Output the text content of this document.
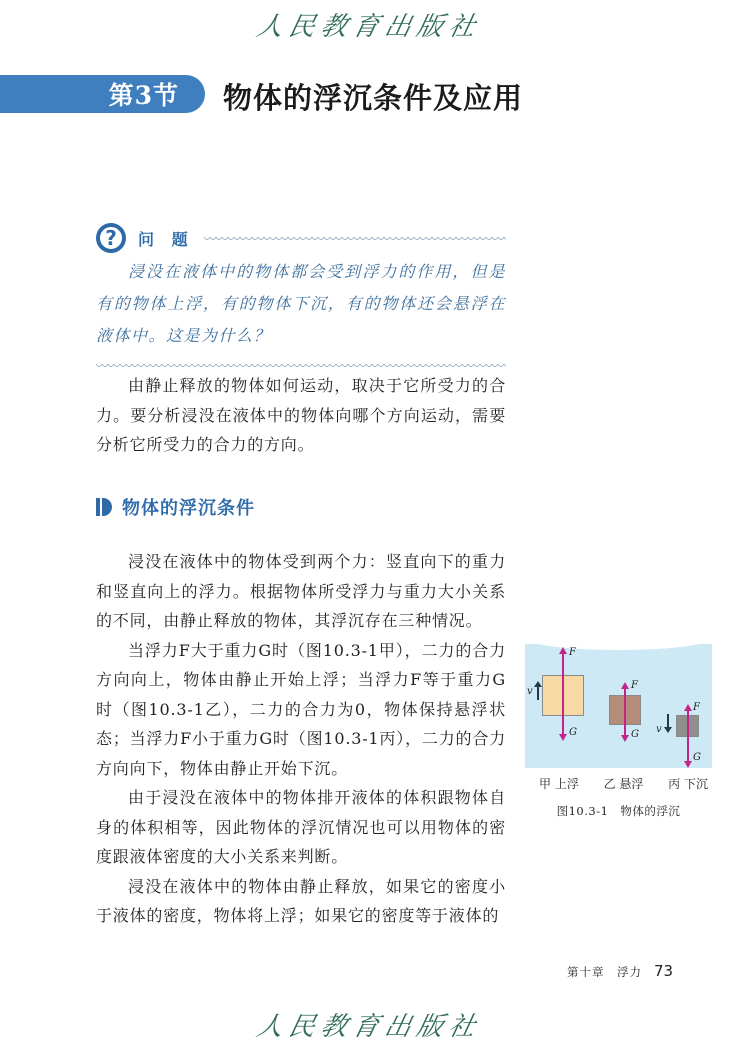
人民教育出版社
第3节 物体的浮沉条件及应用
?	问 题
浸没在液体中的物体都会受到浮力的作用，但是有的物体上浮，有的物体下沉，有的物体还会悬浮在液体中。这是为什么？

由静止释放的物体如何运动，取决于它所受力的合力。要分析浸没在液体中的物体向哪个方向运动，需要分析它所受力的合力的方向。

物体的浮沉条件

浸没在液体中的物体受到两个力：竖直向下的重力和竖直向上的浮力。根据物体所受浮力与重力大小关系的不同，由静止释放的物体，其浮沉存在三种情况。

当浮力F大于重力G时（图10.3-1甲），二力的合力方向向上，物体由静止开始上浮；当浮力F等于重力G时（图10.3-1乙），二力的合力为0，物体保持悬浮状态；当浮力F小于重力G时（图10.3-1丙），二力的合力方向向下，物体由静止开始下沉。

由于浸没在液体中的物体排开液体的体积跟物体自身的体积相等，因此物体的浮沉情况也可以用物体的密度跟液体密度的大小关系来判断。

浸没在液体中的物体由静止释放，如果它的密度小于液体的密度，物体将上浮；如果它的密度等于液体的

F
G
v
F
G
F
G
v
甲 上浮 乙 悬浮 丙 下沉
图10.3-1　物体的浮沉
第十章　浮力 73
人民教育出版社
